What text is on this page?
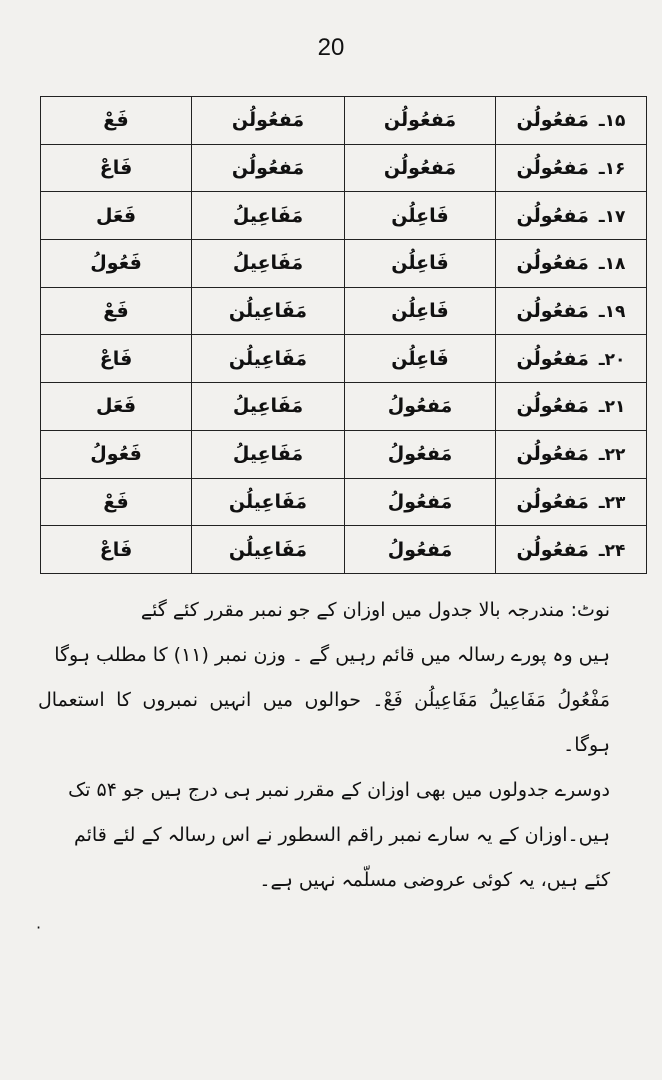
20
۱۵ـمَفعُولُن	مَفعُولُن	مَفعُولُن	فَعْ
۱۶ـمَفعُولُن	مَفعُولُن	مَفعُولُن	فَاعْ
۱۷ـمَفعُولُن	فَاعِلُن	مَفَاعِیلُ	فَعَل
۱۸ـمَفعُولُن	فَاعِلُن	مَفَاعِیلُ	فَعُولُ
۱۹ـمَفعُولُن	فَاعِلُن	مَفَاعِیلُن	فَعْ
۲۰ـمَفعُولُن	فَاعِلُن	مَفَاعِیلُن	فَاعْ
۲۱ـمَفعُولُن	مَفعُولُ	مَفَاعِیلُ	فَعَل
۲۲ـمَفعُولُن	مَفعُولُ	مَفَاعِیلُ	فَعُولُ
۲۳ـمَفعُولُن	مَفعُولُ	مَفَاعِیلُن	فَعْ
۲۴ـمَفعُولُن	مَفعُولُ	مَفَاعِیلُن	فَاعْ

نوٹ: مندرجہ بالا جدول میں اوزان کے جو نمبر مقرر کئے گئے

ہیں وہ پورے رسالہ میں قائم رہیں گے ۔ وزن نمبر (۱۱) کا مطلب ہوگا

مَفْعُولُ مَفَاعِیلُ مَفَاعِیلُن فَعْ۔ حوالوں میں انہیں نمبروں کا استعمال ہوگا۔

دوسرے جدولوں میں بھی اوزان کے مقرر نمبر ہی درج ہیں جو ۵۴ تک

ہیں۔اوزان کے یہ سارے نمبر راقم السطور نے اس رسالہ کے لئے قائم

کئے ہیں، یہ کوئی عروضی مسلّمہ نہیں ہے۔

·
